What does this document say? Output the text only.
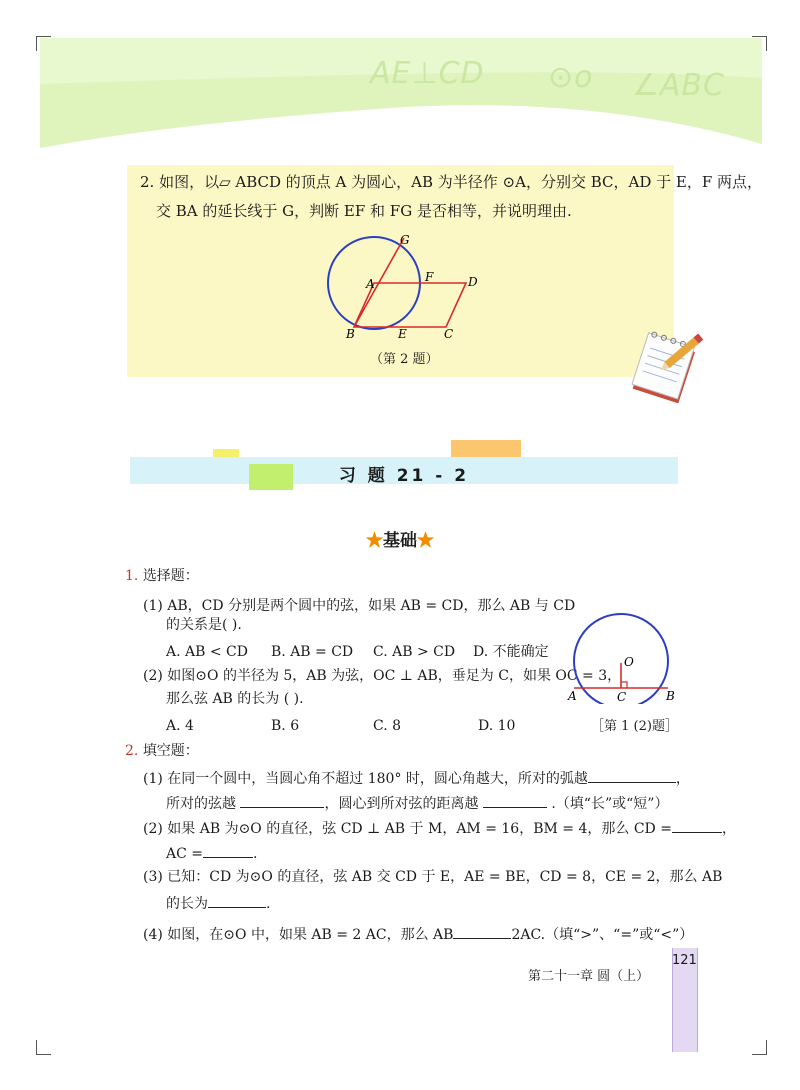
AE⊥CD ⊙o ∠ABC
2. 如图，以▱ ABCD 的顶点 A 为圆心，AB 为半径作 ⊙A，分别交 BC，AD 于 E，F 两点，
交 BA 的延长线于 G，判断 EF 和 FG 是否相等，并说明理由.
G
A	F	D
B	E	C
（第 2 题）
习 题 21 - 2
★基础★
1. 选择题：
(1) AB，CD 分别是两个圆中的弦，如果 AB = CD，那么 AB 与 CD
的关系是( ).
A. AB < CD B. AB = CD C. AB > CD D. 不能确定
(2) 如图⊙O 的半径为 5，AB 为弦，OC ⊥ AB，垂足为 C，如果 OC = 3，
那么弦 AB 的长为 ( ).
A. 4	B. 6	C. 8	D. 10
O
A	C	B
［第 1 (2)题］
2. 填空题：
(1) 在同一个圆中，当圆心角不超过 180° 时，圆心角越大，所对的弧越	，
所对的弦越	，圆心到所对弦的距离越	.（填“长”或“短”）
(2) 如果 AB 为⊙O 的直径，弦 CD ⊥ AB 于 M，AM = 16，BM = 4，那么 CD =	，
AC =	.
(3) 已知：CD 为⊙O 的直径，弦 AB 交 CD 于 E，AE = BE，CD = 8，CE = 2，那么 AB
的长为	.
(4) 如图，在⊙O 中，如果 AB = 2 AC，那么 AB	2AC.（填“>”、“=”或“<”）
第二十一章 圆（上）
121
